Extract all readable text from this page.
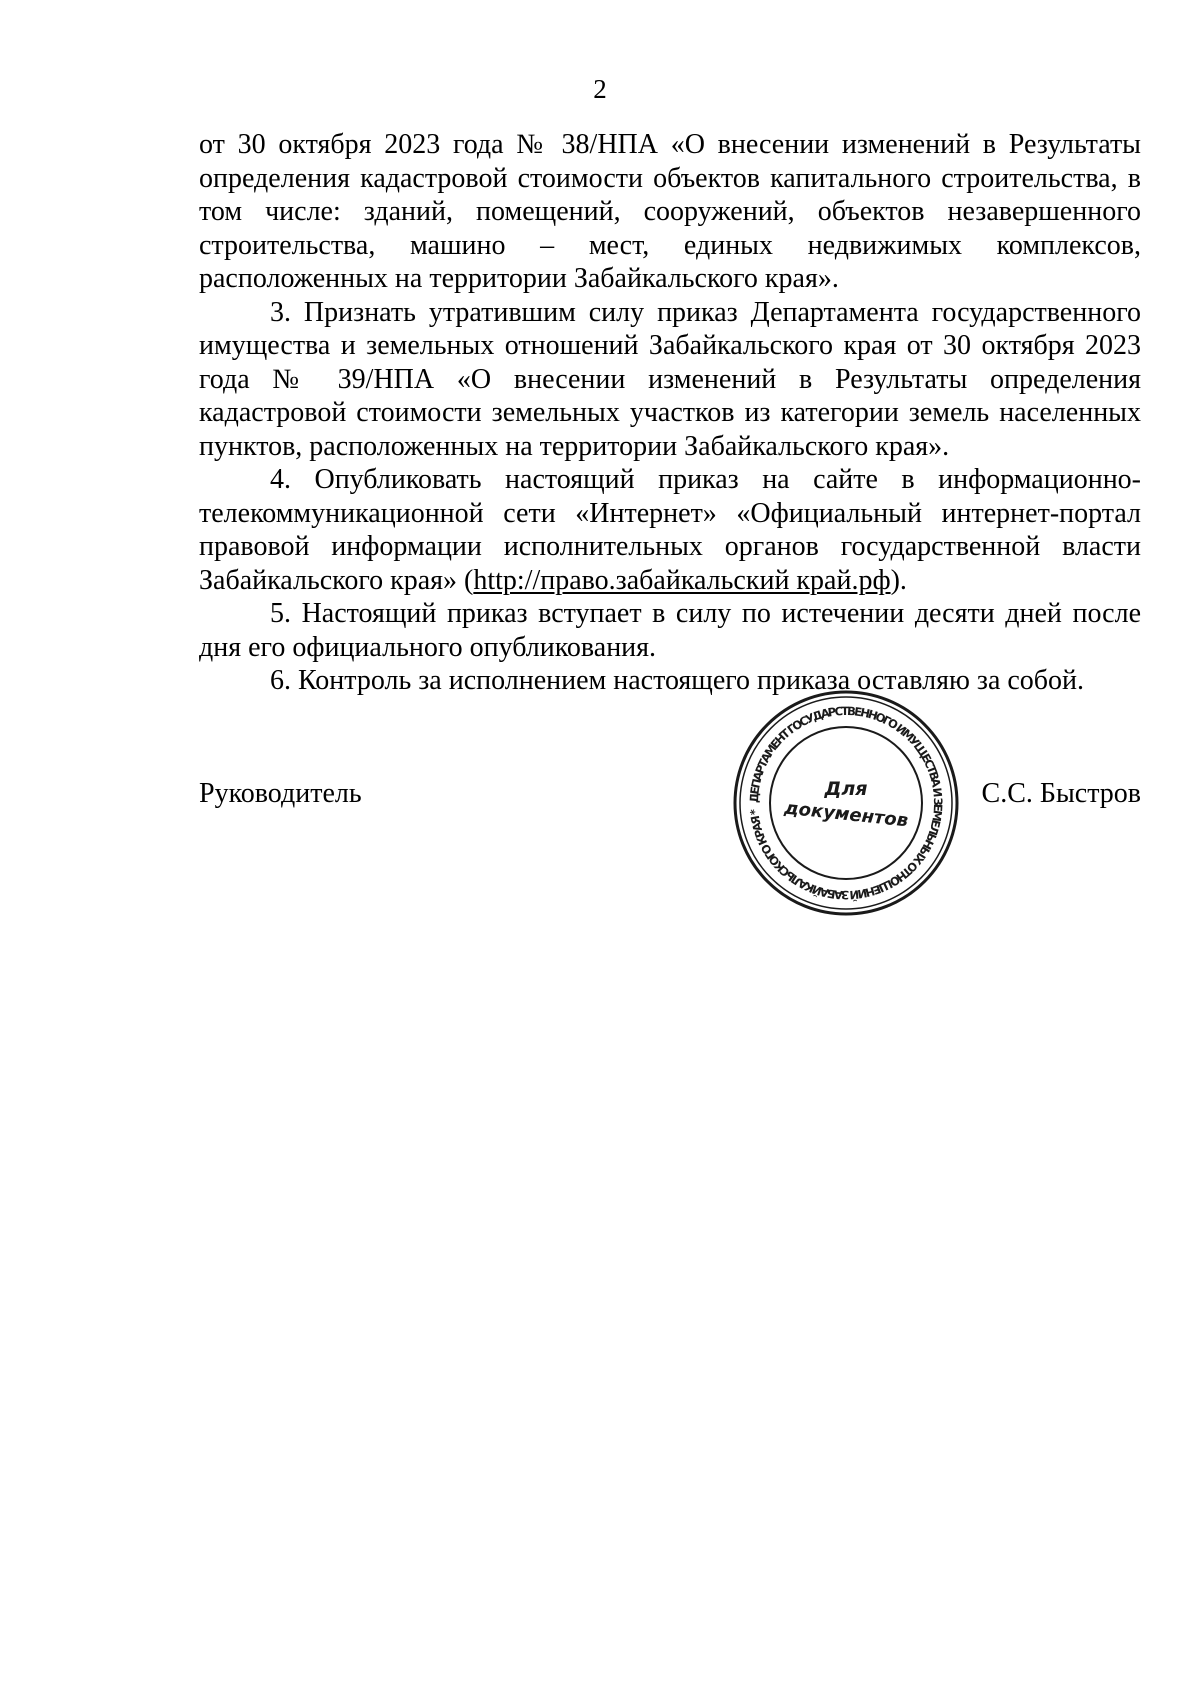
2

от 30 октября 2023 года № 38/НПА «О внесении изменений в Результаты

определения кадастровой стоимости объектов капитального строительства, в

том числе: зданий, помещений, сооружений, объектов незавершенного

строительства, машино – мест, единых недвижимых комплексов,

расположенных на территории Забайкальского края».

3. Признать утратившим силу приказ Департамента государственного имущества и земельных отношений Забайкальского края от 30 октября 2023 года № 39/НПА «О внесении изменений в Результаты определения кадастровой стоимости земельных участков из категории земель населенных пунктов, расположенных на территории Забайкальского края».

4. Опубликовать настоящий приказ на сайте в информационно-телекоммуникационной сети «Интернет» «Официальный интернет-портал правовой информации исполнительных органов государственной власти Забайкальского края» (http://право.забайкальский край.рф).

5. Настоящий приказ вступает в силу по истечении десяти дней после дня его официального опубликования.

6. Контроль за исполнением настоящего приказа оставляю за собой.

Руководитель	С.С. Быстров
ДЕПАРТАМЕНТ ГОСУДАРСТВЕННОГО ИМУЩЕСТВА И ЗЕМЕЛЬНЫХ ОТНОШЕНИЙ ЗАБАЙКАЛЬСКОГО КРАЯ *
Для
документов
